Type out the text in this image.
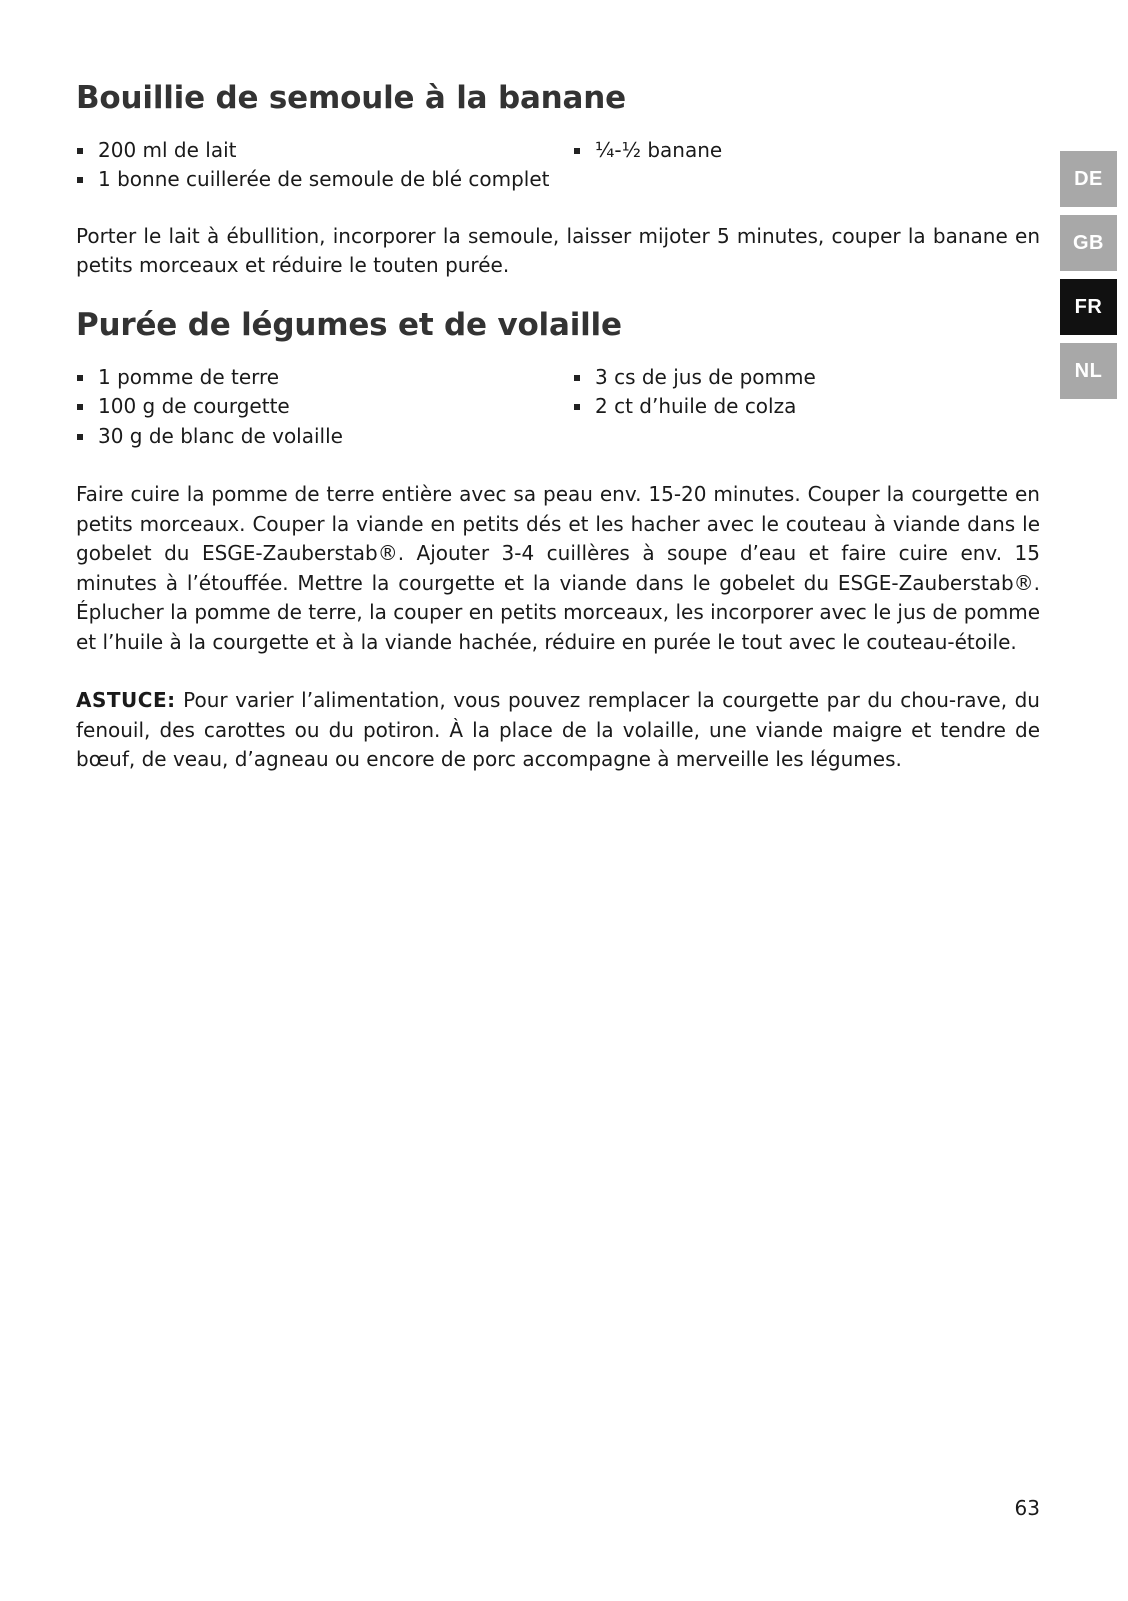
Bouillie de semoule à la banane
200 ml de lait
1 bonne cuillerée de semoule de blé complet
¼-½ banane

Porter le lait à ébullition, incorporer la semoule, laisser mijoter 5 minutes, couper la banane en petits morceaux et réduire le touten purée.

Purée de légumes et de volaille
1 pomme de terre
100 g de courgette
30 g de blanc de volaille
3 cs de jus de pomme
2 ct d’huile de colza

Faire cuire la pomme de terre entière avec sa peau env. 15-20 minutes. Couper la courgette en petits morceaux. Couper la viande en petits dés et les hacher avec le couteau à viande dans le gobelet du ESGE-Zauberstab®. Ajouter 3-4 cuillères à soupe d’eau et faire cuire env. 15 minutes à l’étouffée. Mettre la courgette et la viande dans le gobelet du ESGE-Zauberstab®. Éplucher la pomme de terre, la couper en petits morceaux, les incorporer avec le jus de pomme et l’huile à la courgette et à la viande hachée, réduire en purée le tout avec le couteau-étoile.

ASTUCE: Pour varier l’alimentation, vous pouvez remplacer la courgette par du chou-rave, du fenouil, des carottes ou du potiron. À la place de la volaille, une viande maigre et tendre de bœuf, de veau, d’agneau ou encore de porc accompagne à merveille les légumes.

DE
GB
FR
NL
63
